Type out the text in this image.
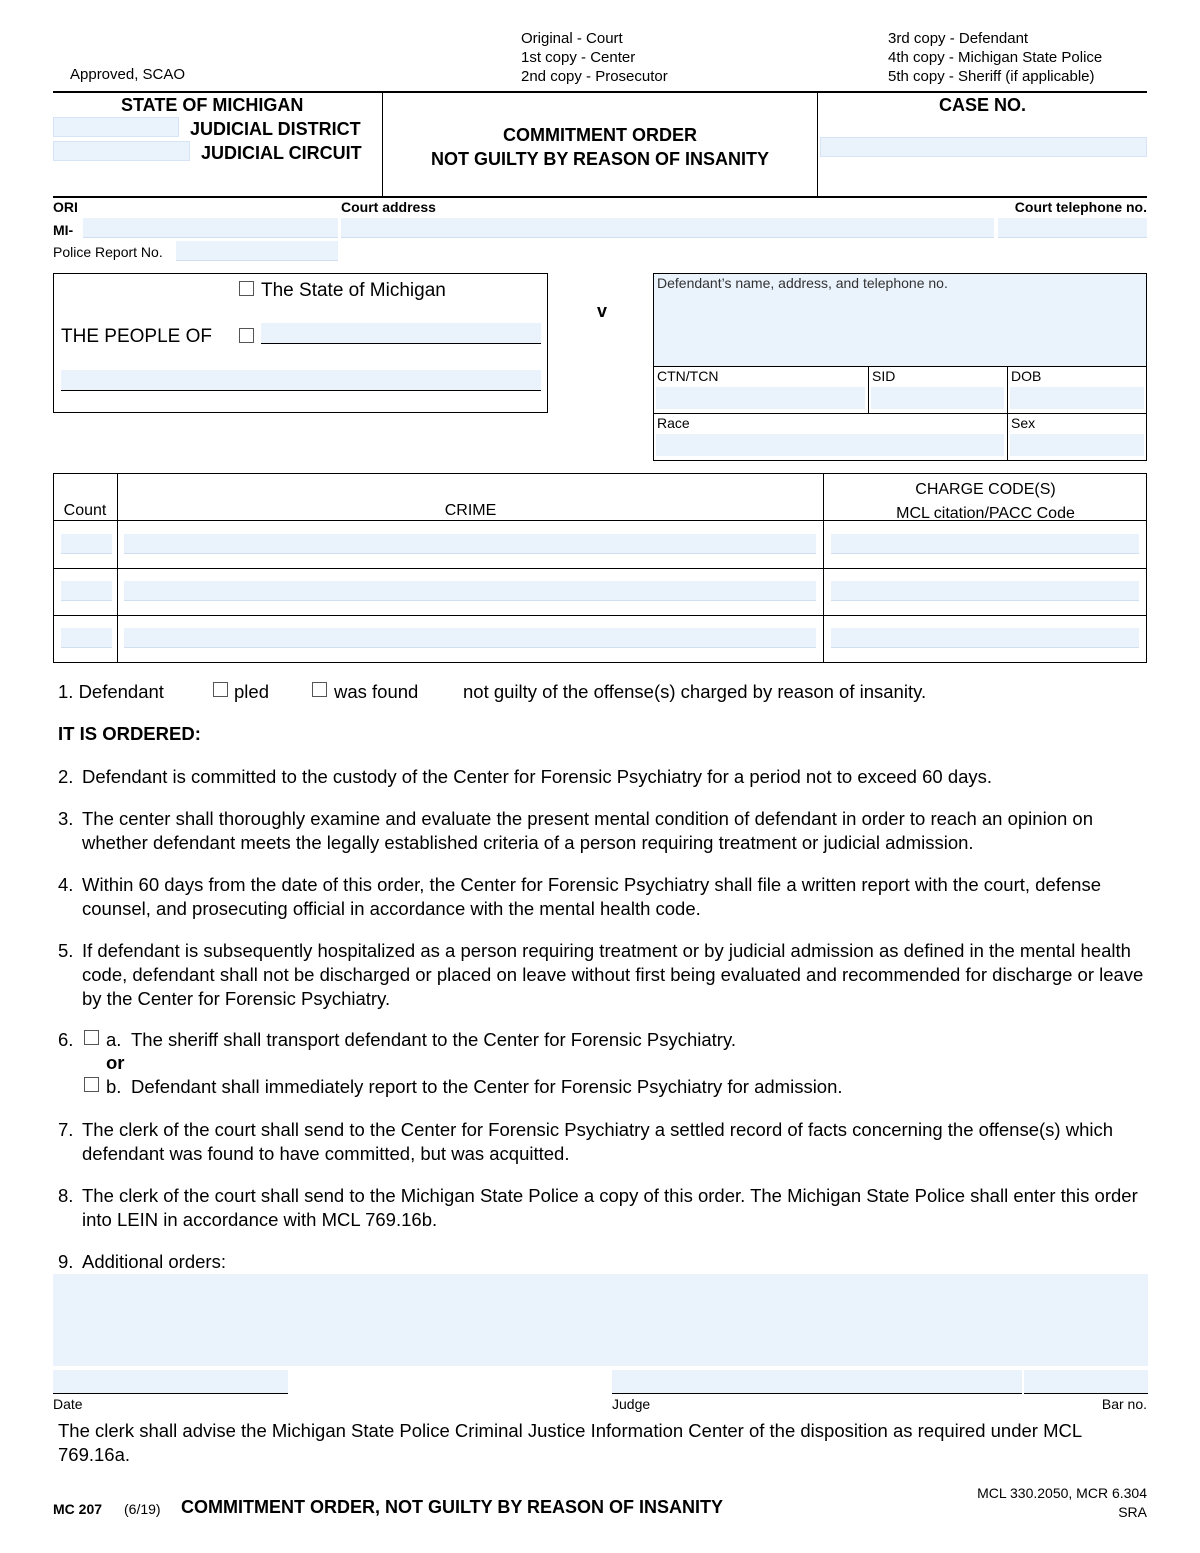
Approved, SCAO
Original - Court
1st copy - Center
2nd copy - Prosecutor
3rd copy - Defendant
4th copy - Michigan State Police
5th copy - Sheriff (if applicable)
STATE OF MICHIGAN
JUDICIAL DISTRICT
JUDICIAL CIRCUIT
COMMITMENT ORDER
NOT GUILTY BY REASON OF INSANITY
CASE NO.
ORI
MI-
Court address	Court telephone no.
Police Report No.
The State of Michigan
THE PEOPLE OF
v
Defendant’s name, address, and telephone no.
CTN/TCN	SID	DOB
Race	Sex
Count	CRIME
CHARGE CODE(S)
MCL citation/PACC Code
1. Defendant	pled	was found not guilty of the offense(s) charged by reason of insanity.
IT IS ORDERED:
2. Defendant is committed to the custody of the Center for Forensic Psychiatry for a period not to exceed 60 days.
3. The center shall thoroughly examine and evaluate the present mental condition of defendant in order to reach an opinion on whether defendant meets the legally established criteria of a person requiring treatment or judicial admission.
4. Within 60 days from the date of this order, the Center for Forensic Psychiatry shall file a written report with the court, defense counsel, and prosecuting official in accordance with the mental health code.
5. If defendant is subsequently hospitalized as a person requiring treatment or by judicial admission as defined in the mental health code, defendant shall not be discharged or placed on leave without first being evaluated and recommended for discharge or leave by the Center for Forensic Psychiatry.
6. a. The sheriff shall transport defendant to the Center for Forensic Psychiatry.
or
b. Defendant shall immediately report to the Center for Forensic Psychiatry for admission.
7. The clerk of the court shall send to the Center for Forensic Psychiatry a settled record of facts concerning the offense(s) which defendant was found to have committed, but was acquitted.
8. The clerk of the court shall send to the Michigan State Police a copy of this order. The Michigan State Police shall enter this order into LEIN in accordance with MCL 769.16b.
9. Additional orders:
Date	Judge	Bar no.
The clerk shall advise the Michigan State Police Criminal Justice Information Center of the disposition as required under MCL 769.16a.
MC 207 (6/19) COMMITMENT ORDER, NOT GUILTY BY REASON OF INSANITY
MCL 330.2050, MCR 6.304
SRA
